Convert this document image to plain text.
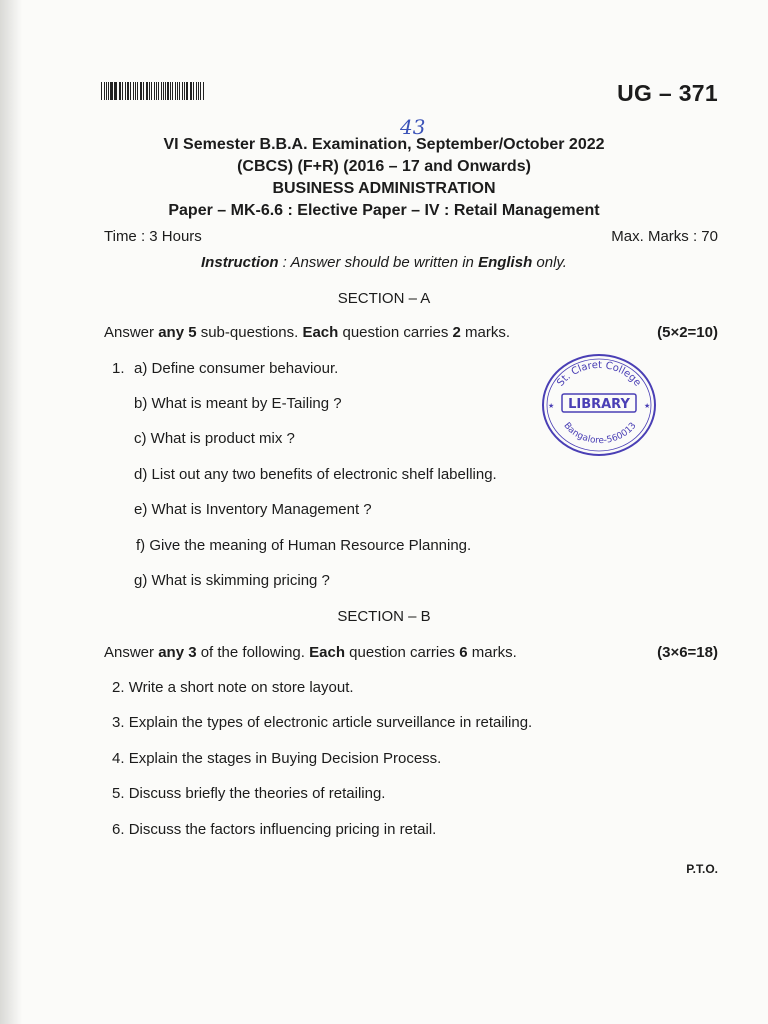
UG – 371
43
VI Semester B.B.A. Examination, September/October 2022
(CBCS) (F+R) (2016 – 17 and Onwards)
BUSINESS ADMINISTRATION
Paper – MK-6.6 : Elective Paper – IV : Retail Management
Time : 3 Hours	Max. Marks : 70
Instruction : Answer should be written in English only.
SECTION – A
Answer any 5 sub-questions. Each question carries 2 marks.	(5×2=10)
1. a) Define consumer behaviour.
b) What is meant by E-Tailing ?
c) What is product mix ?
d) List out any two benefits of electronic shelf labelling.
e) What is Inventory Management ?
f) Give the meaning of Human Resource Planning.
g) What is skimming pricing ?
SECTION – B
Answer any 3 of the following. Each question carries 6 marks.	(3×6=18)
2. Write a short note on store layout.
3. Explain the types of electronic article surveillance in retailing.
4. Explain the stages in Buying Decision Process.
5. Discuss briefly the theories of retailing.
6. Discuss the factors influencing pricing in retail.
St. Claret College
LIBRARY
Bangalore-560013
★	★
P.T.O.
